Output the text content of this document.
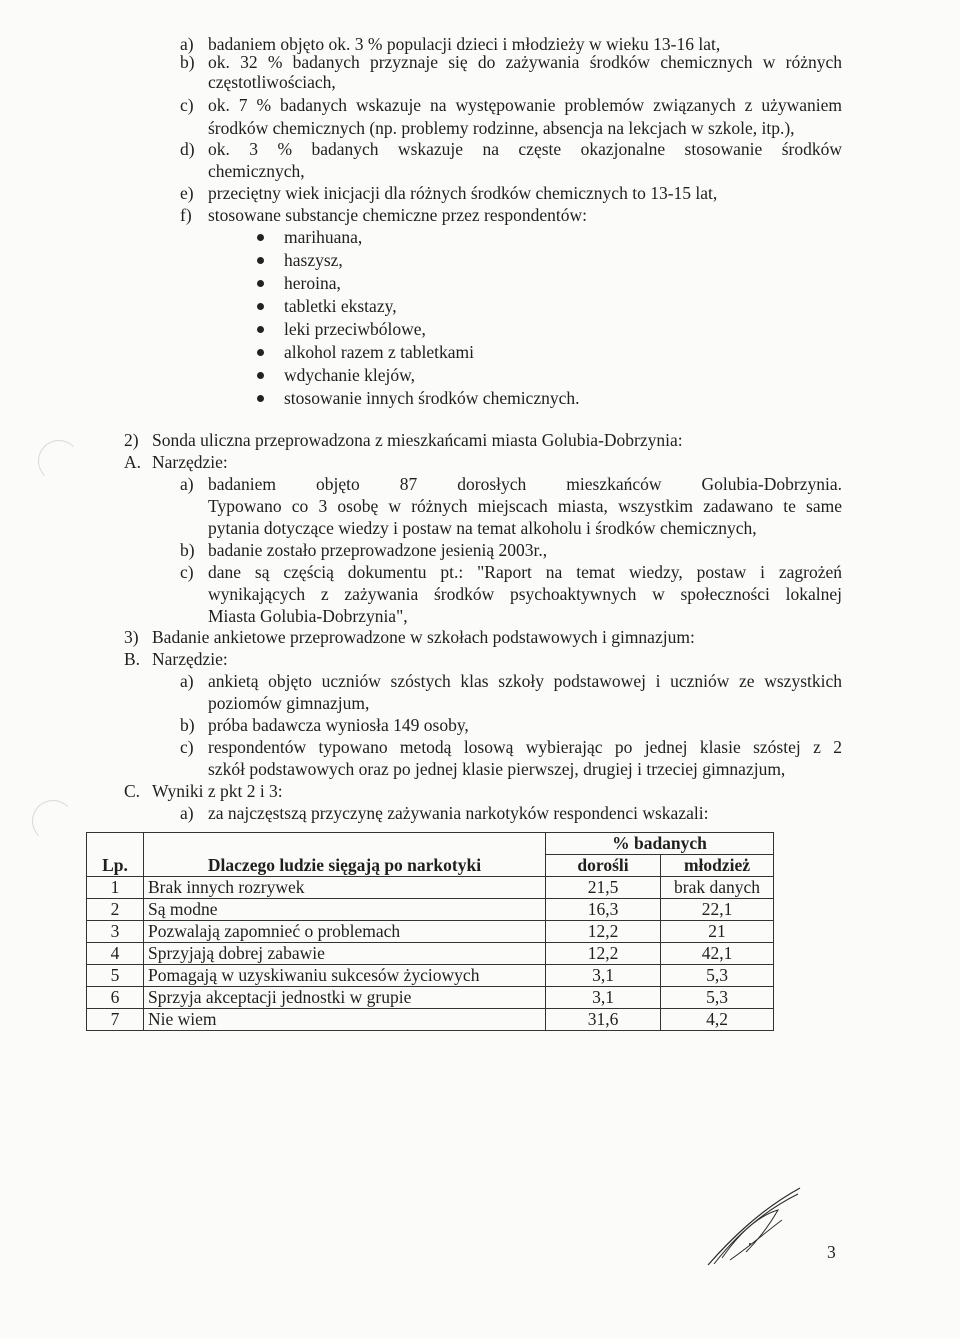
a) badaniem objęto ok. 3 % populacji dzieci i młodzieży w wieku 13-16 lat,
b) ok. 32 % badanych przyznaje się do zażywania środków chemicznych w różnych
częstotliwościach,
c) ok. 7 % badanych wskazuje na występowanie problemów związanych z używaniem
środków chemicznych (np. problemy rodzinne, absencja na lekcjach w szkole, itp.),
d) ok. 3 % badanych wskazuje na częste okazjonalne stosowanie środków
chemicznych,
e) przeciętny wiek inicjacji dla różnych środków chemicznych to 13-15 lat,
f) stosowane substancje chemiczne przez respondentów:
marihuana,
haszysz,
heroina,
tabletki ekstazy,
leki przeciwbólowe,
alkohol razem z tabletkami
wdychanie klejów,
stosowanie innych środków chemicznych.
2) Sonda uliczna przeprowadzona z mieszkańcami miasta Golubia-Dobrzynia:
A. Narzędzie:
a) badaniem objęto 87 dorosłych mieszkańców Golubia-Dobrzynia.
Typowano co 3 osobę w różnych miejscach miasta, wszystkim zadawano te same
pytania dotyczące wiedzy i postaw na temat alkoholu i środków chemicznych,
b) badanie zostało przeprowadzone jesienią 2003r.,
c) dane są częścią dokumentu pt.: "Raport na temat wiedzy, postaw i zagrożeń
wynikających z zażywania środków psychoaktywnych w społeczności lokalnej
Miasta Golubia-Dobrzynia",
3) Badanie ankietowe przeprowadzone w szkołach podstawowych i gimnazjum:
B. Narzędzie:
a) ankietą objęto uczniów szóstych klas szkoły podstawowej i uczniów ze wszystkich
poziomów gimnazjum,
b) próba badawcza wyniosła 149 osoby,
c) respondentów typowano metodą losową wybierając po jednej klasie szóstej z 2
szkół podstawowych oraz po jednej klasie pierwszej, drugiej i trzeciej gimnazjum,
C. Wyniki z pkt 2 i 3:
a) za najczęstszą przyczynę zażywania narkotyków respondenci wskazali:
		% badanych	
Lp.	Dlaczego ludzie sięgają po narkotyki	dorośli	młodzież
1	Brak innych rozrywek	21,5	brak danych
2	Są modne	16,3	22,1
3	Pozwalają zapomnieć o problemach	12,2	21
4	Sprzyjają dobrej zabawie	12,2	42,1
5	Pomagają w uzyskiwaniu sukcesów życiowych	3,1	5,3
6	Sprzyja akceptacji jednostki w grupie	3,1	5,3
7	Nie wiem	31,6	4,2
3
